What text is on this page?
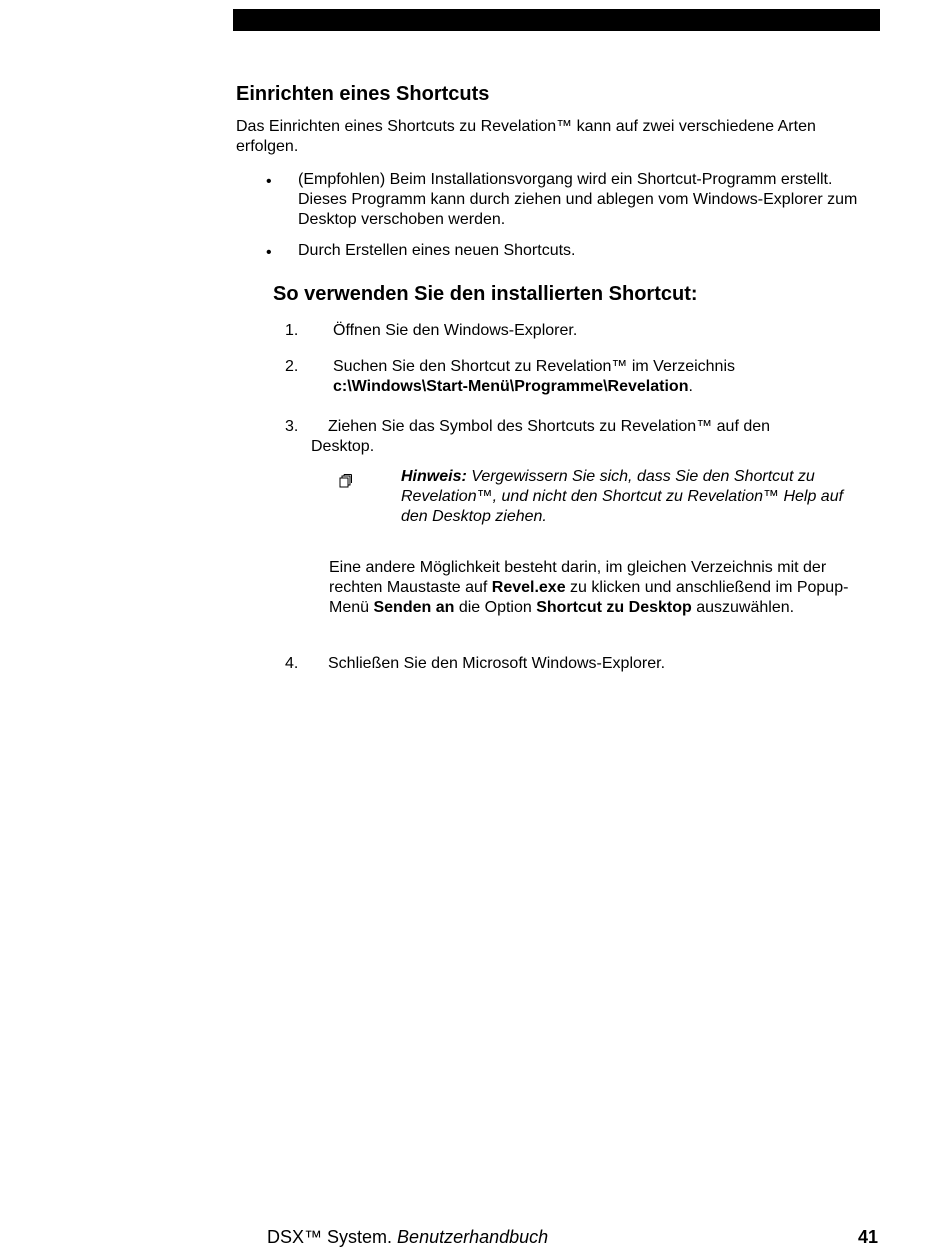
Einrichten eines Shortcuts
Das Einrichten eines Shortcuts zu Revelation™ kann auf zwei verschiedene Arten erfolgen.
• (Empfohlen) Beim Installationsvorgang wird ein Shortcut-Programm erstellt. Dieses Programm kann durch ziehen und ablegen vom Windows-Explorer zum Desktop verschoben werden.
• Durch Erstellen eines neuen Shortcuts.
So verwenden Sie den installierten Shortcut:
1. Öffnen Sie den Windows-Explorer.
2. Suchen Sie den Shortcut zu Revelation™ im Verzeichnis
c:\Windows\Start-Menü\Programme\Revelation.
3. Ziehen Sie das Symbol des Shortcuts zu Revelation™ auf den
Desktop.
Hinweis: Vergewissern Sie sich, dass Sie den Shortcut zu Revelation™, und nicht den Shortcut zu Revelation™ Help auf den Desktop ziehen.
Eine andere Möglichkeit besteht darin, im gleichen Verzeichnis mit der rechten Maustaste auf Revel.exe zu klicken und anschließend im Popup-Menü Senden an die Option Shortcut zu Desktop auszuwählen.
4. Schließen Sie den Microsoft Windows-Explorer.
DSX™ System. Benutzerhandbuch	41
